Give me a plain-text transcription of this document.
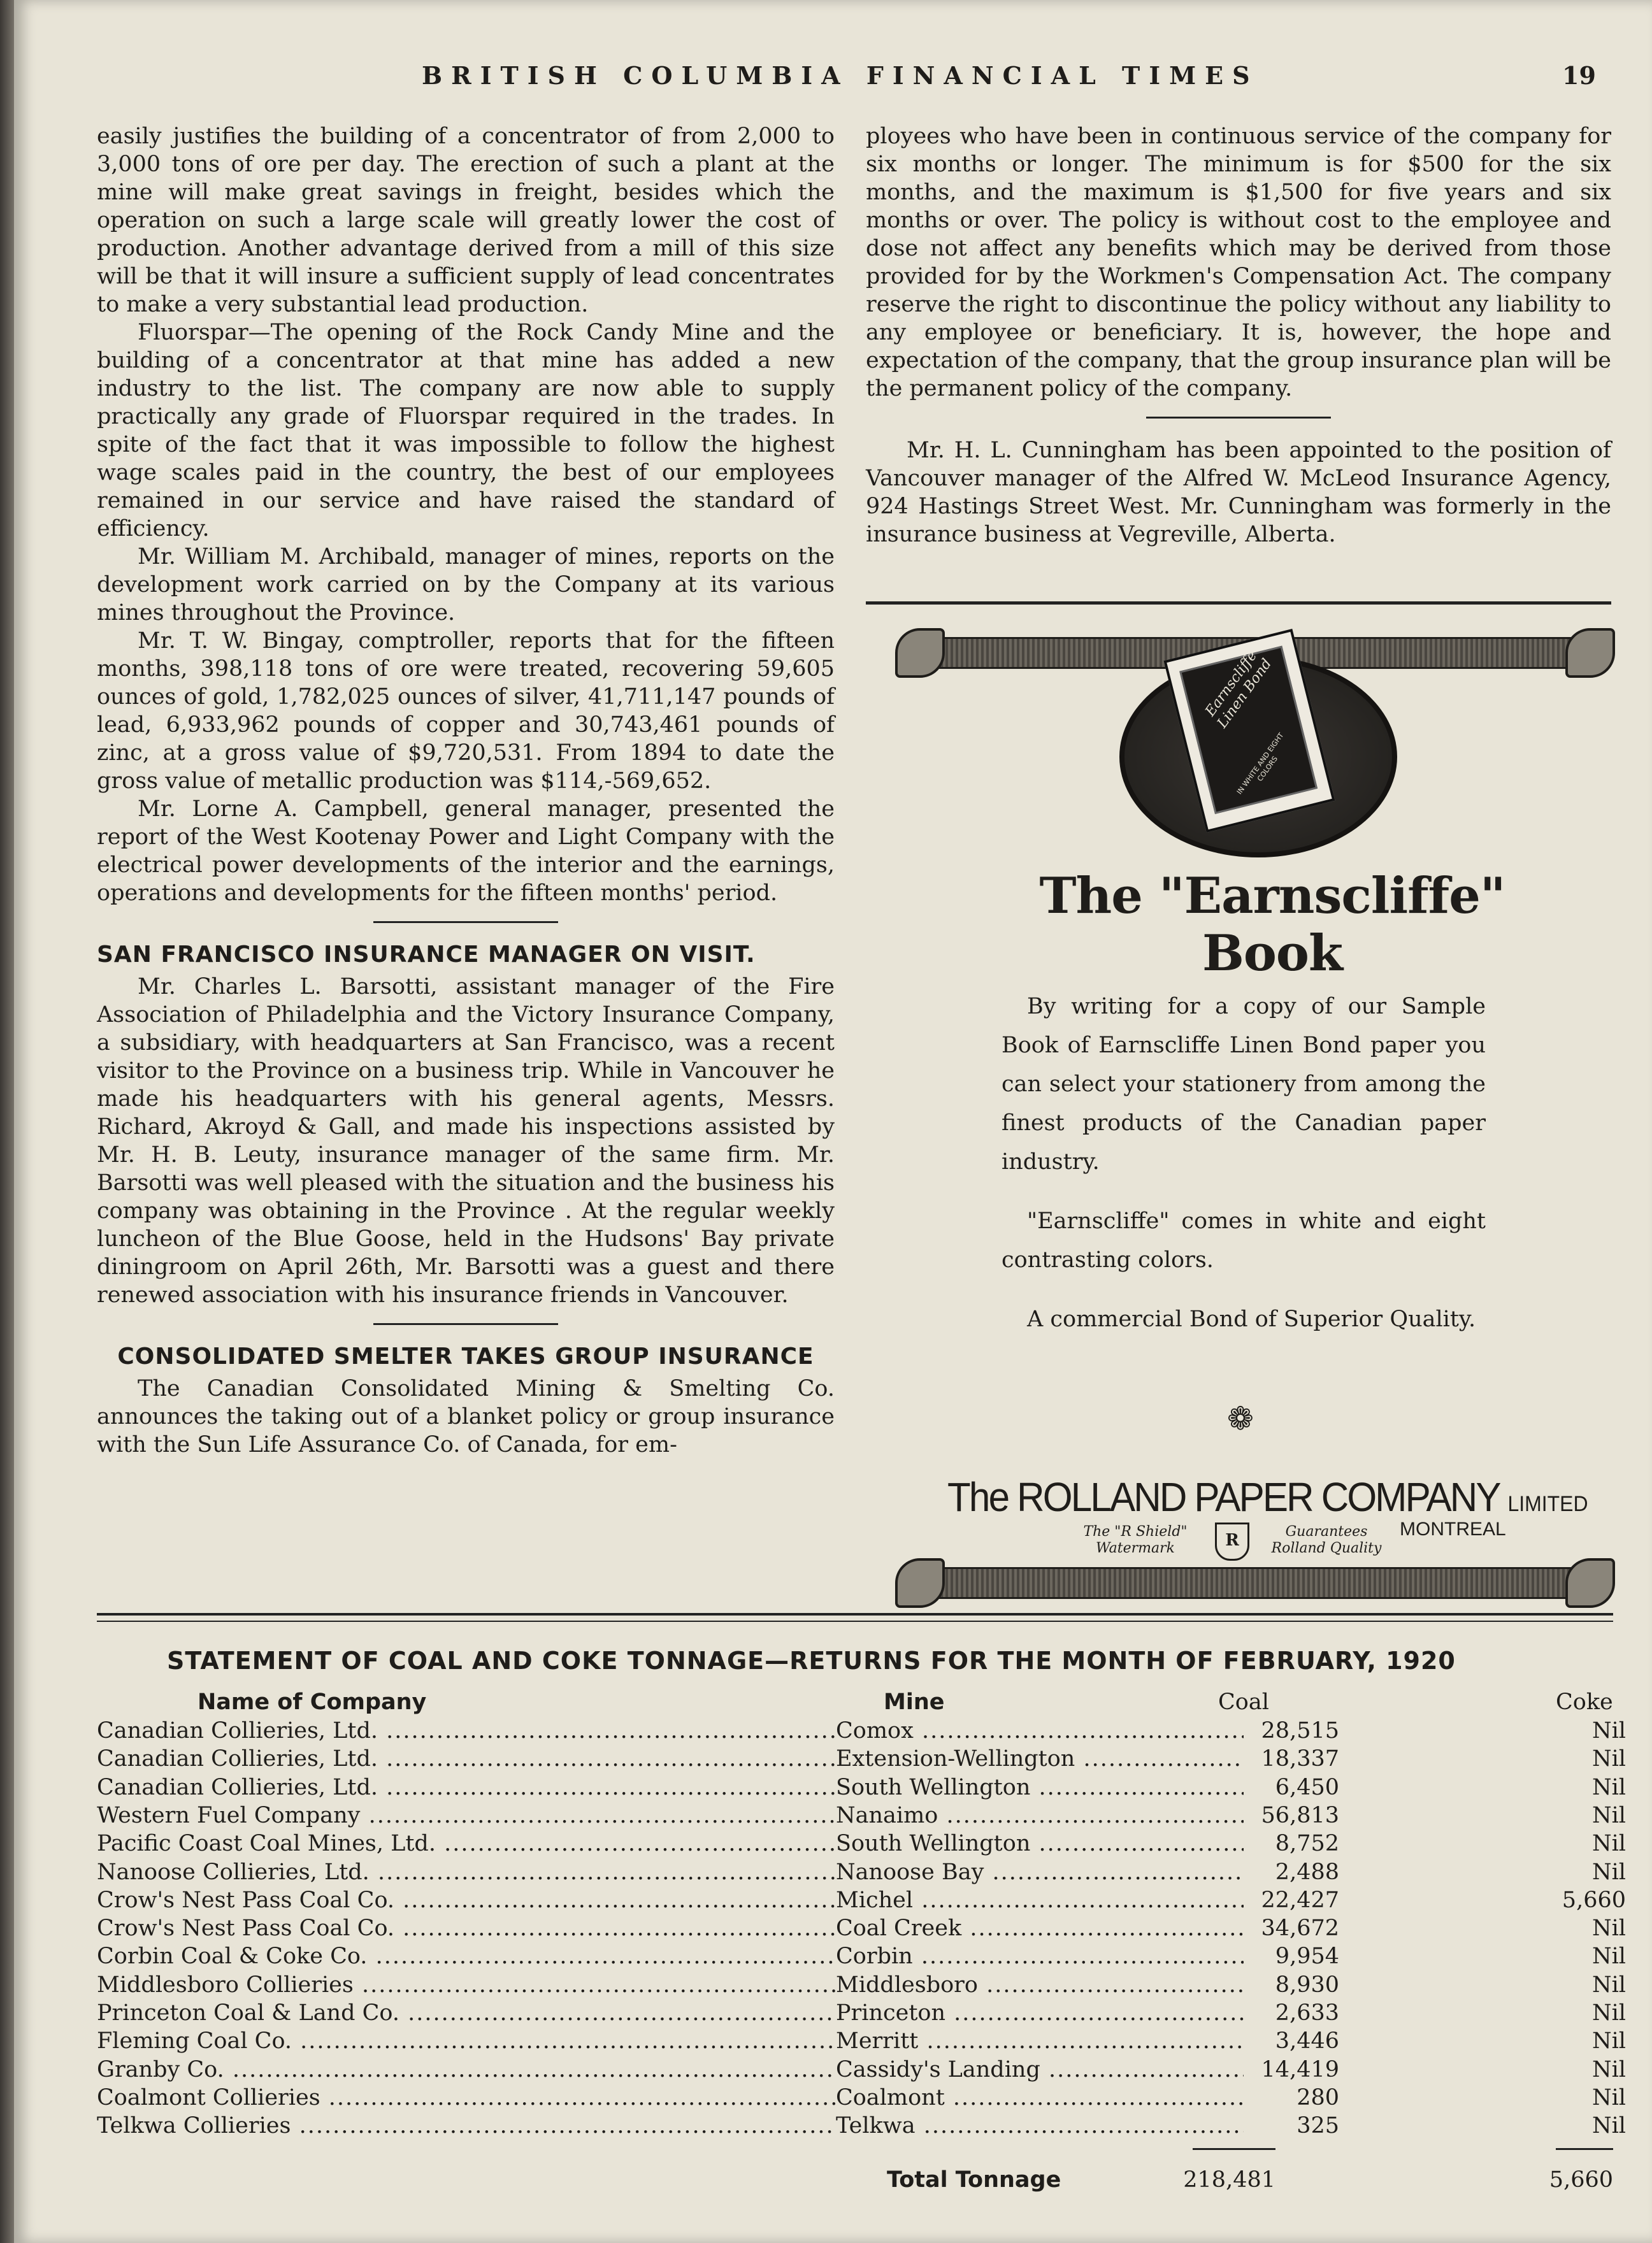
BRITISH COLUMBIA FINANCIAL TIMES	19

easily justifies the building of a concentrator of from 2,000 to 3,000 tons of ore per day. The erection of such a plant at the mine will make great savings in freight, besides which the operation on such a large scale will greatly lower the cost of production. Another advantage derived from a mill of this size will be that it will insure a sufficient supply of lead concentrates to make a very substantial lead production.

Fluorspar—The opening of the Rock Candy Mine and the building of a concentrator at that mine has added a new industry to the list. The company are now able to supply practically any grade of Fluorspar required in the trades. In spite of the fact that it was impossible to follow the highest wage scales paid in the country, the best of our employees remained in our service and have raised the standard of efficiency.

Mr. William M. Archibald, manager of mines, reports on the development work carried on by the Company at its various mines throughout the Province.

Mr. T. W. Bingay, comptroller, reports that for the fifteen months, 398,118 tons of ore were treated, recovering 59,605 ounces of gold, 1,782,025 ounces of silver, 41,711,147 pounds of lead, 6,933,962 pounds of copper and 30,743,461 pounds of zinc, at a gross value of $9,720,531. From 1894 to date the gross value of metallic production was $114,-569,652.

Mr. Lorne A. Campbell, general manager, presented the report of the West Kootenay Power and Light Company with the electrical power developments of the interior and the earnings, operations and developments for the fifteen months' period.

SAN FRANCISCO INSURANCE MANAGER ON VISIT.

Mr. Charles L. Barsotti, assistant manager of the Fire Association of Philadelphia and the Victory Insurance Company, a subsidiary, with headquarters at San Francisco, was a recent visitor to the Province on a business trip. While in Vancouver he made his headquarters with his general agents, Messrs. Richard, Akroyd & Gall, and made his inspections assisted by Mr. H. B. Leuty, insurance manager of the same firm. Mr. Barsotti was well pleased with the situation and the business his company was obtaining in the Province . At the regular weekly luncheon of the Blue Goose, held in the Hudsons' Bay private diningroom on April 26th, Mr. Barsotti was a guest and there renewed association with his insurance friends in Vancouver.

CONSOLIDATED SMELTER TAKES GROUP INSURANCE

The Canadian Consolidated Mining & Smelting Co. announces the taking out of a blanket policy or group insurance with the Sun Life Assurance Co. of Canada, for em-

ployees who have been in continuous service of the company for six months or longer. The minimum is for $500 for the six months, and the maximum is $1,500 for five years and six months or over. The policy is without cost to the employee and dose not affect any benefits which may be derived from those provided for by the Workmen's Compensation Act. The company reserve the right to discontinue the policy without any liability to any employee or beneficiary. It is, however, the hope and expectation of the company, that the group insurance plan will be the permanent policy of the company.

Mr. H. L. Cunningham has been appointed to the position of Vancouver manager of the Alfred W. McLeod Insurance Agency, 924 Hastings Street West. Mr. Cunningham was formerly in the insurance business at Vegreville, Alberta.

Earnscliffe Linen Bond
IN WHITE AND EIGHT COLORS
The "Earnscliffe" Book

By writing for a copy of our Sample Book of Earnscliffe Linen Bond paper you can select your stationery from among the finest products of the Canadian paper industry.

"Earnscliffe" comes in white and eight contrasting colors.

A commercial Bond of Superior Quality.

❁
The ROLLAND PAPER COMPANY LIMITED
The "R Shield" Watermark	R	Guarantees Rolland Quality
MONTREAL
STATEMENT OF COAL AND COKE TONNAGE—RETURNS FOR THE MONTH OF FEBRUARY, 1920
Name of Company	Mine	Coal	Coke
Canadian Collieries, Ltd. .....	Comox .....	28,515	Nil
Canadian Collieries, Ltd. .....	Extension-Wellington .....	18,337	Nil
Canadian Collieries, Ltd. .....	South Wellington .....	6,450	Nil
Western Fuel Company .....	Nanaimo .....	56,813	Nil
Pacific Coast Coal Mines, Ltd. .....	South Wellington .....	8,752	Nil
Nanoose Collieries, Ltd. .....	Nanoose Bay .....	2,488	Nil
Crow's Nest Pass Coal Co. .....	Michel .....	22,427	5,660
Crow's Nest Pass Coal Co. .....	Coal Creek .....	34,672	Nil
Corbin Coal & Coke Co. .....	Corbin .....	9,954	Nil
Middlesboro Collieries .....	Middlesboro .....	8,930	Nil
Princeton Coal & Land Co. .....	Princeton .....	2,633	Nil
Fleming Coal Co. .....	Merritt .....	3,446	Nil
Granby Co. .....	Cassidy's Landing .....	14,419	Nil
Coalmont Collieries .....	Coalmont .....	280	Nil
Telkwa Collieries .....	Telkwa .....	325	Nil
Total Tonnage	218,481	5,660
